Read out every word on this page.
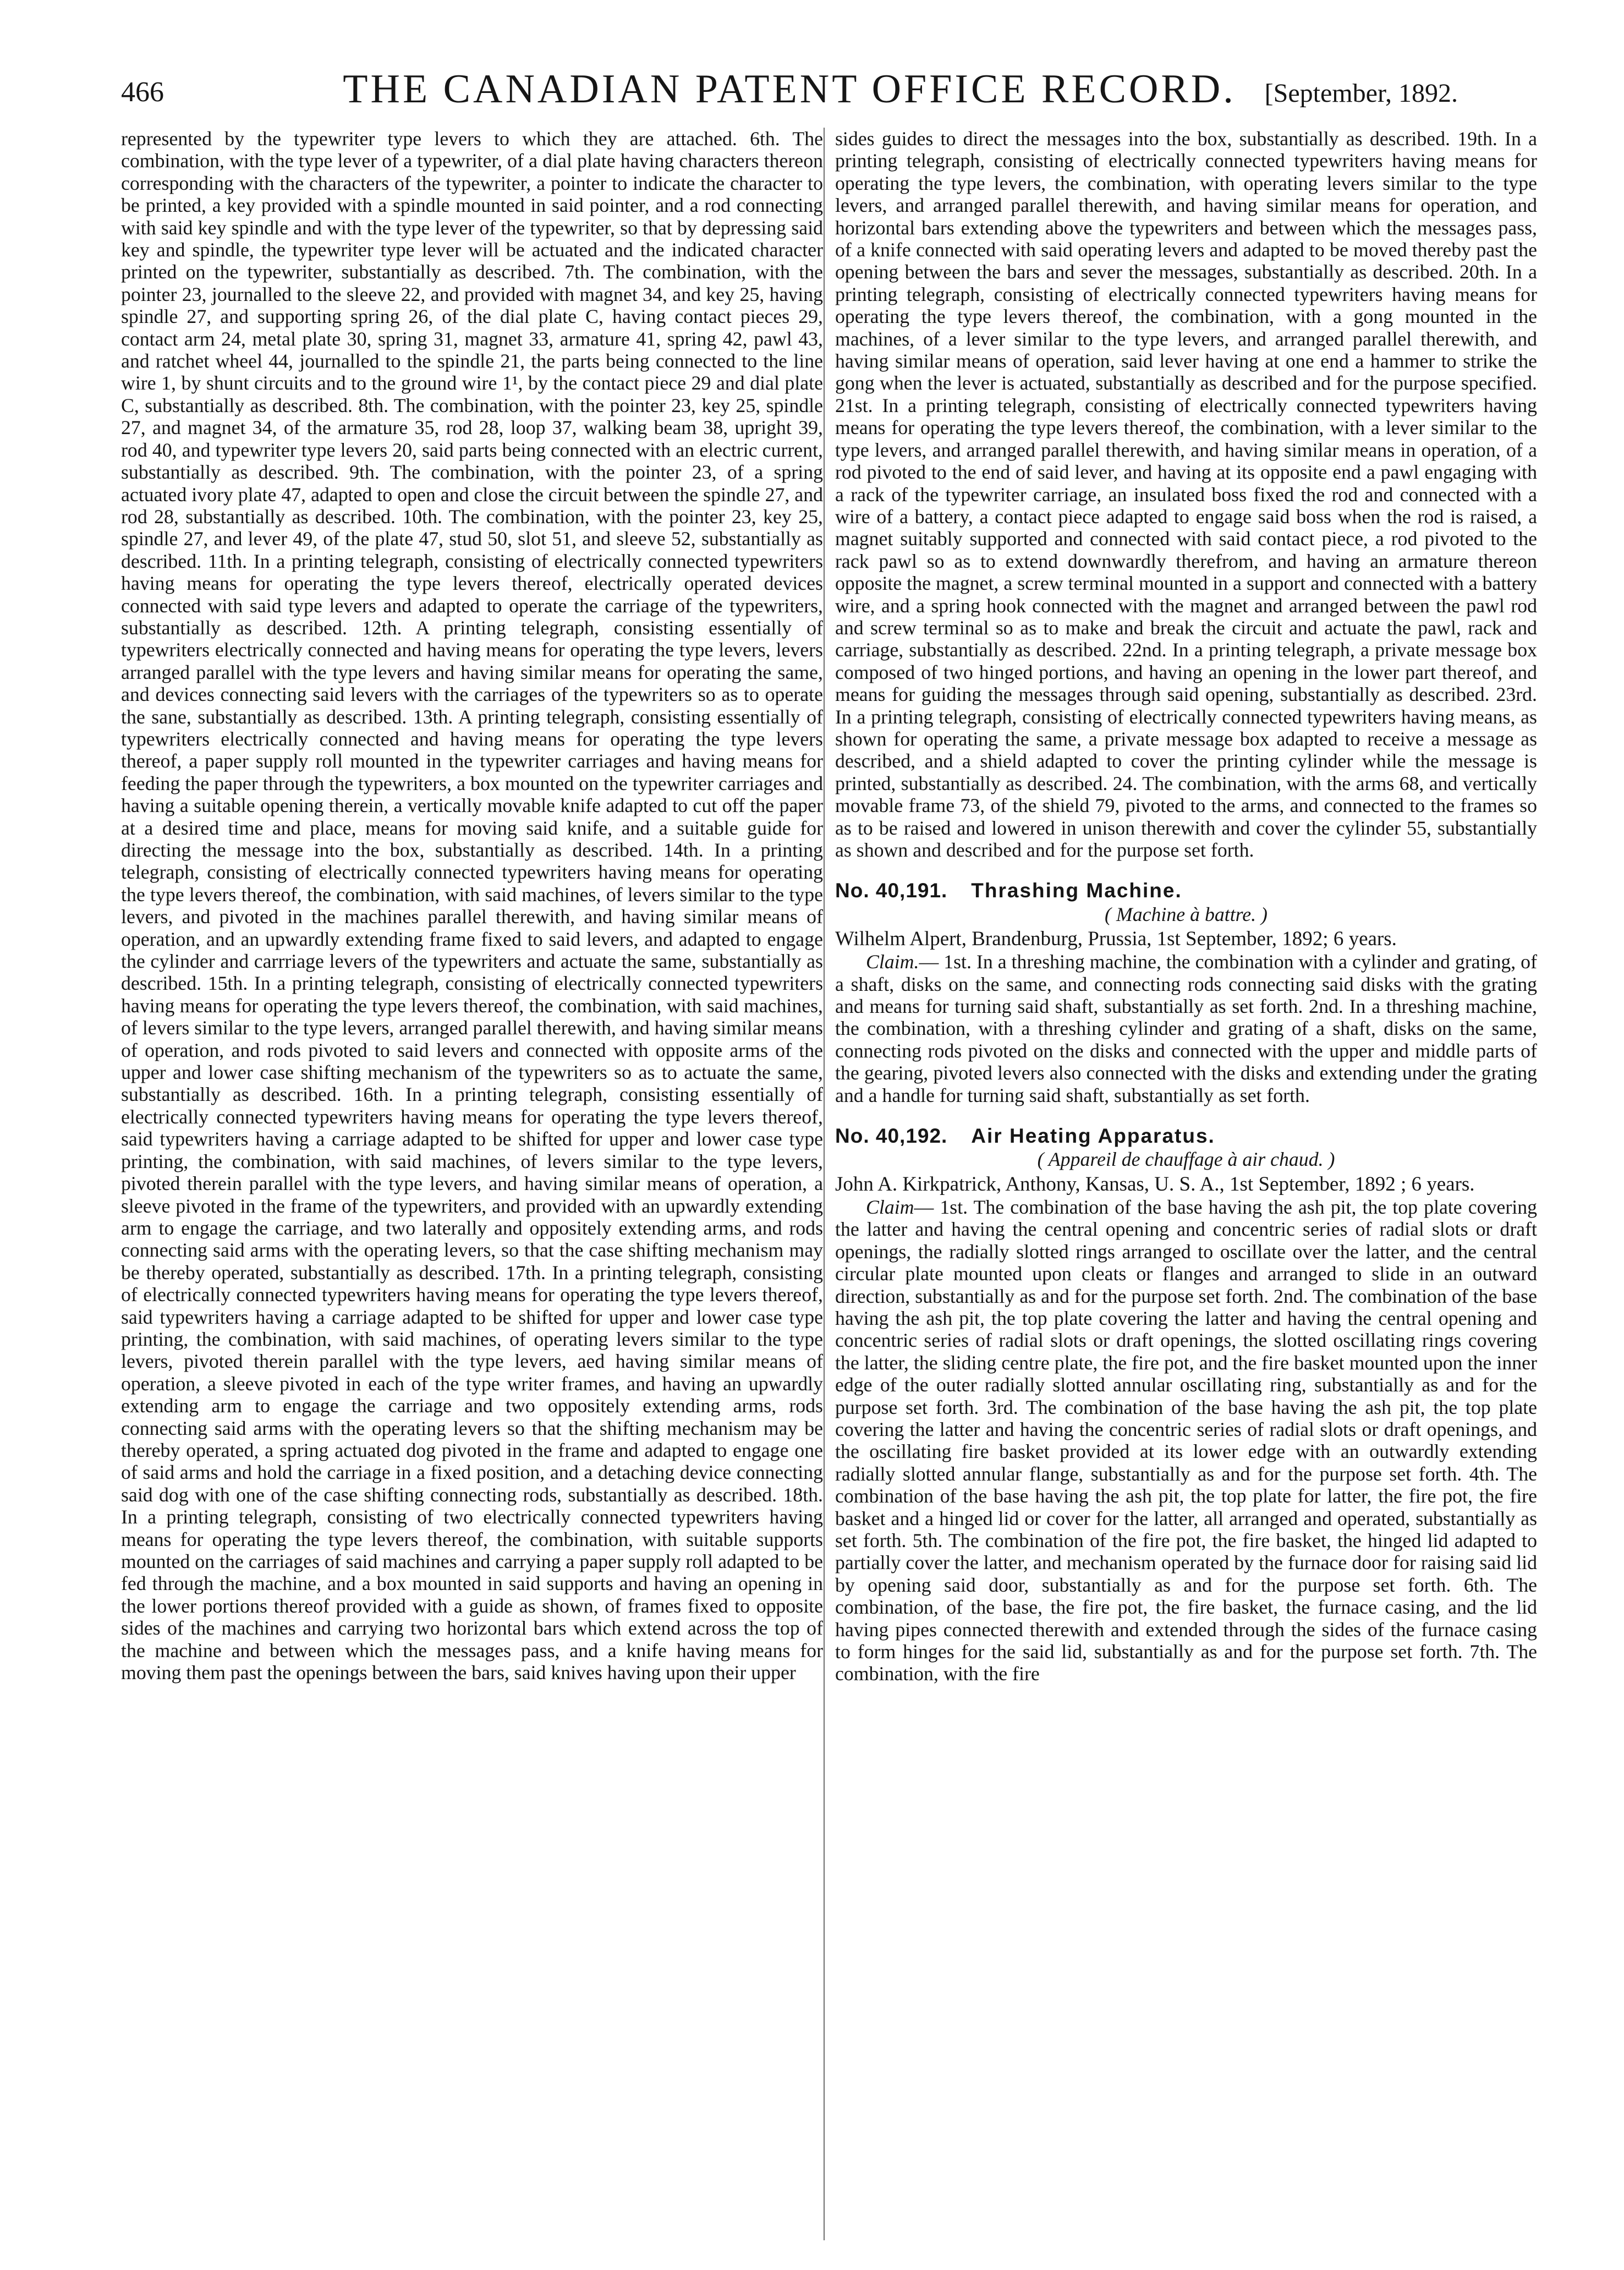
466	THE CANADIAN PATENT OFFICE RECORD.	[September, 1892.

represented by the typewriter type levers to which they are attached. 6th. The combination, with the type lever of a typewriter, of a dial plate having characters thereon corresponding with the characters of the typewriter, a pointer to indicate the character to be printed, a key provided with a spindle mounted in said pointer, and a rod connecting with said key spindle and with the type lever of the typewriter, so that by depressing said key and spindle, the typewriter type lever will be actuated and the indicated character printed on the typewriter, substantially as described. 7th. The combination, with the pointer 23, journalled to the sleeve 22, and provided with magnet 34, and key 25, having spindle 27, and supporting spring 26, of the dial plate C, having contact pieces 29, contact arm 24, metal plate 30, spring 31, magnet 33, armature 41, spring 42, pawl 43, and ratchet wheel 44, journalled to the spindle 21, the parts being connected to the line wire 1, by shunt circuits and to the ground wire 1¹, by the contact piece 29 and dial plate C, substantially as described. 8th. The combination, with the pointer 23, key 25, spindle 27, and magnet 34, of the armature 35, rod 28, loop 37, walking beam 38, upright 39, rod 40, and typewriter type levers 20, said parts being connected with an electric current, substantially as described. 9th. The combination, with the pointer 23, of a spring actuated ivory plate 47, adapted to open and close the circuit between the spindle 27, and rod 28, substantially as described. 10th. The combination, with the pointer 23, key 25, spindle 27, and lever 49, of the plate 47, stud 50, slot 51, and sleeve 52, substantially as described. 11th. In a printing telegraph, consisting of electrically connected typewriters having means for operating the type levers thereof, electrically operated devices connected with said type levers and adapted to operate the carriage of the typewriters, substantially as described. 12th. A printing telegraph, consisting essentially of typewriters electrically connected and having means for operating the type levers, levers arranged parallel with the type levers and having similar means for operating the same, and devices connecting said levers with the carriages of the typewriters so as to operate the sane, substantially as described. 13th. A printing telegraph, consisting essentially of typewriters electrically connected and having means for operating the type levers thereof, a paper supply roll mounted in the typewriter carriages and having means for feeding the paper through the typewriters, a box mounted on the typewriter carriages and having a suitable opening therein, a vertically movable knife adapted to cut off the paper at a desired time and place, means for moving said knife, and a suitable guide for directing the message into the box, substantially as described. 14th. In a printing telegraph, consisting of electrically connected typewriters having means for operating the type levers thereof, the combination, with said machines, of levers similar to the type levers, and pivoted in the machines parallel therewith, and having similar means of operation, and an upwardly extending frame fixed to said levers, and adapted to engage the cylinder and carrriage levers of the typewriters and actuate the same, substantially as described. 15th. In a printing telegraph, consisting of electrically connected typewriters having means for operating the type levers thereof, the combination, with said machines, of levers similar to the type levers, arranged parallel therewith, and having similar means of operation, and rods pivoted to said levers and connected with opposite arms of the upper and lower case shifting mechanism of the typewriters so as to actuate the same, substantially as described. 16th. In a printing telegraph, consisting essentially of electrically connected typewriters having means for operating the type levers thereof, said typewriters having a carriage adapted to be shifted for upper and lower case type printing, the combination, with said machines, of levers similar to the type levers, pivoted therein parallel with the type levers, and having similar means of operation, a sleeve pivoted in the frame of the typewriters, and provided with an upwardly extending arm to engage the carriage, and two laterally and oppositely extending arms, and rods connecting said arms with the operating levers, so that the case shifting mechanism may be thereby operated, substantially as described. 17th. In a printing telegraph, consisting of electrically connected typewriters having means for operating the type levers thereof, said typewriters having a carriage adapted to be shifted for upper and lower case type printing, the combination, with said machines, of operating levers similar to the type levers, pivoted therein parallel with the type levers, aed having similar means of operation, a sleeve pivoted in each of the type writer frames, and having an upwardly extending arm to engage the carriage and two oppositely extending arms, rods connecting said arms with the operating levers so that the shifting mechanism may be thereby operated, a spring actuated dog pivoted in the frame and adapted to engage one of said arms and hold the carriage in a fixed position, and a detaching device connecting said dog with one of the case shifting connecting rods, substantially as described. 18th. In a printing telegraph, consisting of two electrically connected typewriters having means for operating the type levers thereof, the combination, with suitable supports mounted on the carriages of said machines and carrying a paper supply roll adapted to be fed through the machine, and a box mounted in said supports and having an opening in the lower portions thereof provided with a guide as shown, of frames fixed to opposite sides of the machines and carrying two horizontal bars which extend across the top of the machine and between which the messages pass, and a knife having means for moving them past the openings between the bars, said knives having upon their upper

sides guides to direct the messages into the box, substantially as described. 19th. In a printing telegraph, consisting of electrically connected typewriters having means for operating the type levers, the combination, with operating levers similar to the type levers, and arranged parallel therewith, and having similar means for operation, and horizontal bars extending above the typewriters and between which the messages pass, of a knife connected with said operating levers and adapted to be moved thereby past the opening between the bars and sever the messages, substantially as described. 20th. In a printing telegraph, consisting of electrically connected typewriters having means for operating the type levers thereof, the combination, with a gong mounted in the machines, of a lever similar to the type levers, and arranged parallel therewith, and having similar means of operation, said lever having at one end a hammer to strike the gong when the lever is actuated, substantially as described and for the purpose specified. 21st. In a printing telegraph, consisting of electrically connected typewriters having means for operating the type levers thereof, the combination, with a lever similar to the type levers, and arranged parallel therewith, and having similar means in operation, of a rod pivoted to the end of said lever, and having at its opposite end a pawl engaging with a rack of the typewriter carriage, an insulated boss fixed the rod and connected with a wire of a battery, a contact piece adapted to engage said boss when the rod is raised, a magnet suitably supported and connected with said contact piece, a rod pivoted to the rack pawl so as to extend downwardly therefrom, and having an armature thereon opposite the magnet, a screw terminal mounted in a support and connected with a battery wire, and a spring hook connected with the magnet and arranged between the pawl rod and screw terminal so as to make and break the circuit and actuate the pawl, rack and carriage, substantially as described. 22nd. In a printing telegraph, a private message box composed of two hinged portions, and having an opening in the lower part thereof, and means for guiding the messages through said opening, substantially as described. 23rd. In a printing telegraph, consisting of electrically connected typewriters having means, as shown for operating the same, a private message box adapted to receive a message as described, and a shield adapted to cover the printing cylinder while the message is printed, substantially as described. 24. The combination, with the arms 68, and vertically movable frame 73, of the shield 79, pivoted to the arms, and connected to the frames so as to be raised and lowered in unison therewith and cover the cylinder 55, substantially as shown and described and for the purpose set forth.

No. 40,191. Thrashing Machine.
( Machine à battre. )
Wilhelm Alpert, Brandenburg, Prussia, 1st September, 1892; 6 years.

Claim.— 1st. In a threshing machine, the combination with a cylinder and grating, of a shaft, disks on the same, and connecting rods connecting said disks with the grating and means for turning said shaft, substantially as set forth. 2nd. In a threshing machine, the combination, with a threshing cylinder and grating of a shaft, disks on the same, connecting rods pivoted on the disks and connected with the upper and middle parts of the gearing, pivoted levers also connected with the disks and extending under the grating and a handle for turning said shaft, substantially as set forth.

No. 40,192. Air Heating Apparatus.
( Appareil de chauffage à air chaud. )
John A. Kirkpatrick, Anthony, Kansas, U. S. A., 1st September, 1892 ; 6 years.

Claim— 1st. The combination of the base having the ash pit, the top plate covering the latter and having the central opening and concentric series of radial slots or draft openings, the radially slotted rings arranged to oscillate over the latter, and the central circular plate mounted upon cleats or flanges and arranged to slide in an outward direction, substantially as and for the purpose set forth. 2nd. The combination of the base having the ash pit, the top plate covering the latter and having the central opening and concentric series of radial slots or draft openings, the slotted oscillating rings covering the latter, the sliding centre plate, the fire pot, and the fire basket mounted upon the inner edge of the outer radially slotted annular oscillating ring, substantially as and for the purpose set forth. 3rd. The combination of the base having the ash pit, the top plate covering the latter and having the concentric series of radial slots or draft openings, and the oscillating fire basket provided at its lower edge with an outwardly extending radially slotted annular flange, substantially as and for the purpose set forth. 4th. The combination of the base having the ash pit, the top plate for latter, the fire pot, the fire basket and a hinged lid or cover for the latter, all arranged and operated, substantially as set forth. 5th. The combination of the fire pot, the fire basket, the hinged lid adapted to partially cover the latter, and mechanism operated by the furnace door for raising said lid by opening said door, substantially as and for the purpose set forth. 6th. The combination, of the base, the fire pot, the fire basket, the furnace casing, and the lid having pipes connected therewith and extended through the sides of the furnace casing to form hinges for the said lid, substantially as and for the purpose set forth. 7th. The combination, with the fire
